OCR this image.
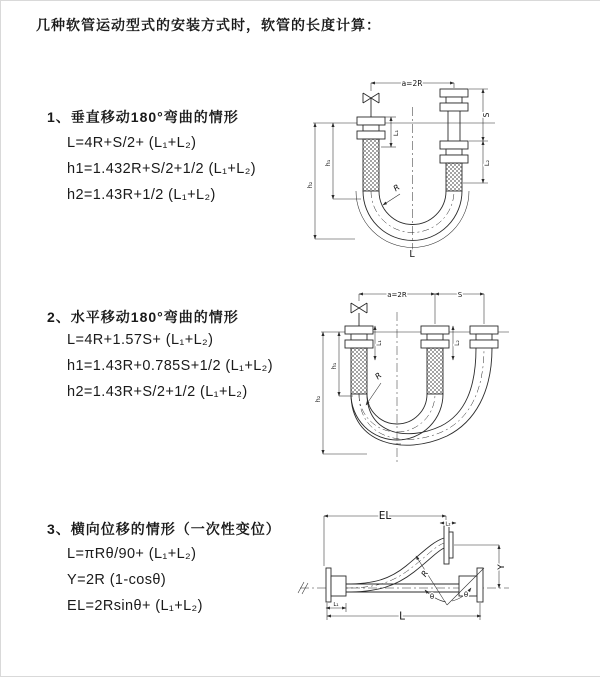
几种软管运动型式的安装方式时，软管的长度计算：
1、垂直移动180°弯曲的情形
L=4R+S/2+ (L₁+L₂)
h1=1.432R+S/2+1/2 (L₁+L₂)
h2=1.43R+1/2 (L₁+L₂)
a=2R
L₁
S
L₂
h₁
h₂	R
L
2、水平移动180°弯曲的情形
L=4R+1.57S+ (L₁+L₂)
h1=1.43R+0.785S+1/2 (L₁+L₂)
h2=1.43R+S/2+1/2 (L₁+L₂)
a=2R	S
h₁
h₂
L₁	L₂
R
3、横向位移的情形（一次性变位）
L=πRθ/90+ (L₁+L₂)
Y=2R (1-cosθ)
EL=2Rsinθ+ (L₁+L₂)
EL
L₂
Y
θ	θ
R
L₁
L
